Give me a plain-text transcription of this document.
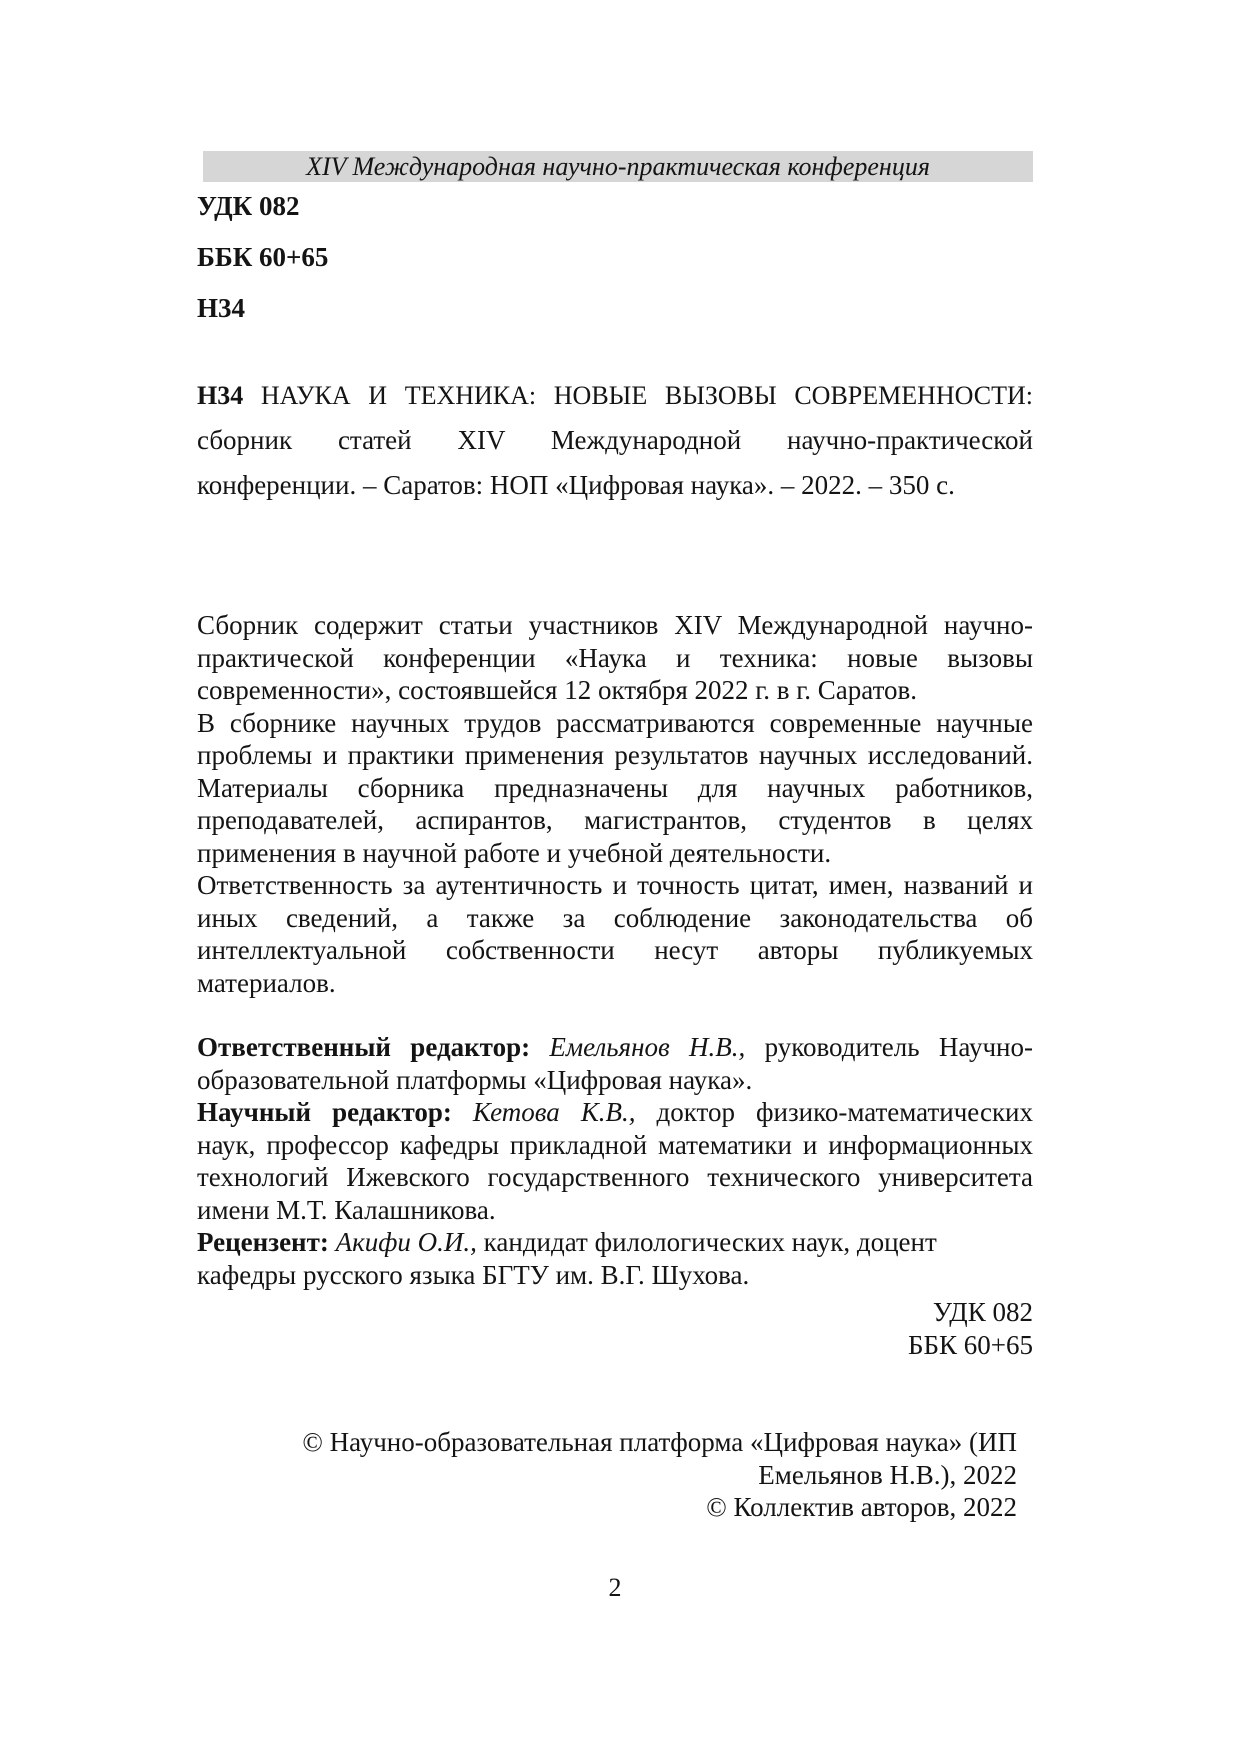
XIV Международная научно-практическая конференция
УДК 082
ББК 60+65
Н34
Н34 НАУКА И ТЕХНИКА: НОВЫЕ ВЫЗОВЫ СОВРЕМЕННОСТИ:
сборник статей XIV Международной научно-практической
конференции. – Саратов: НОП «Цифровая наука». – 2022. – 350 с.
Сборник содержит статьи участников XIV Международной научно-
практической конференции «Наука и техника: новые вызовы
современности», состоявшейся 12 октября 2022 г. в г. Саратов.
В сборнике научных трудов рассматриваются современные научные
проблемы и практики применения результатов научных исследований.
Материалы сборника предназначены для научных работников,
преподавателей, аспирантов, магистрантов, студентов в целях
применения в научной работе и учебной деятельности.
Ответственность за аутентичность и точность цитат, имен, названий и
иных сведений, а также за соблюдение законодательства об
интеллектуальной собственности несут авторы публикуемых
материалов.
Ответственный редактор: Емельянов Н.В., руководитель Научно-
образовательной платформы «Цифровая наука».
Научный редактор: Кетова К.В., доктор физико-математических
наук, профессор кафедры прикладной математики и информационных
технологий Ижевского государственного технического университета
имени М.Т. Калашникова.
Рецензент: Акифи О.И., кандидат филологических наук, доцент
кафедры русского языка БГТУ им. В.Г. Шухова.
УДК 082
ББК 60+65
© Научно-образовательная платформа «Цифровая наука» (ИП
Емельянов Н.В.), 2022
© Коллектив авторов, 2022
2
